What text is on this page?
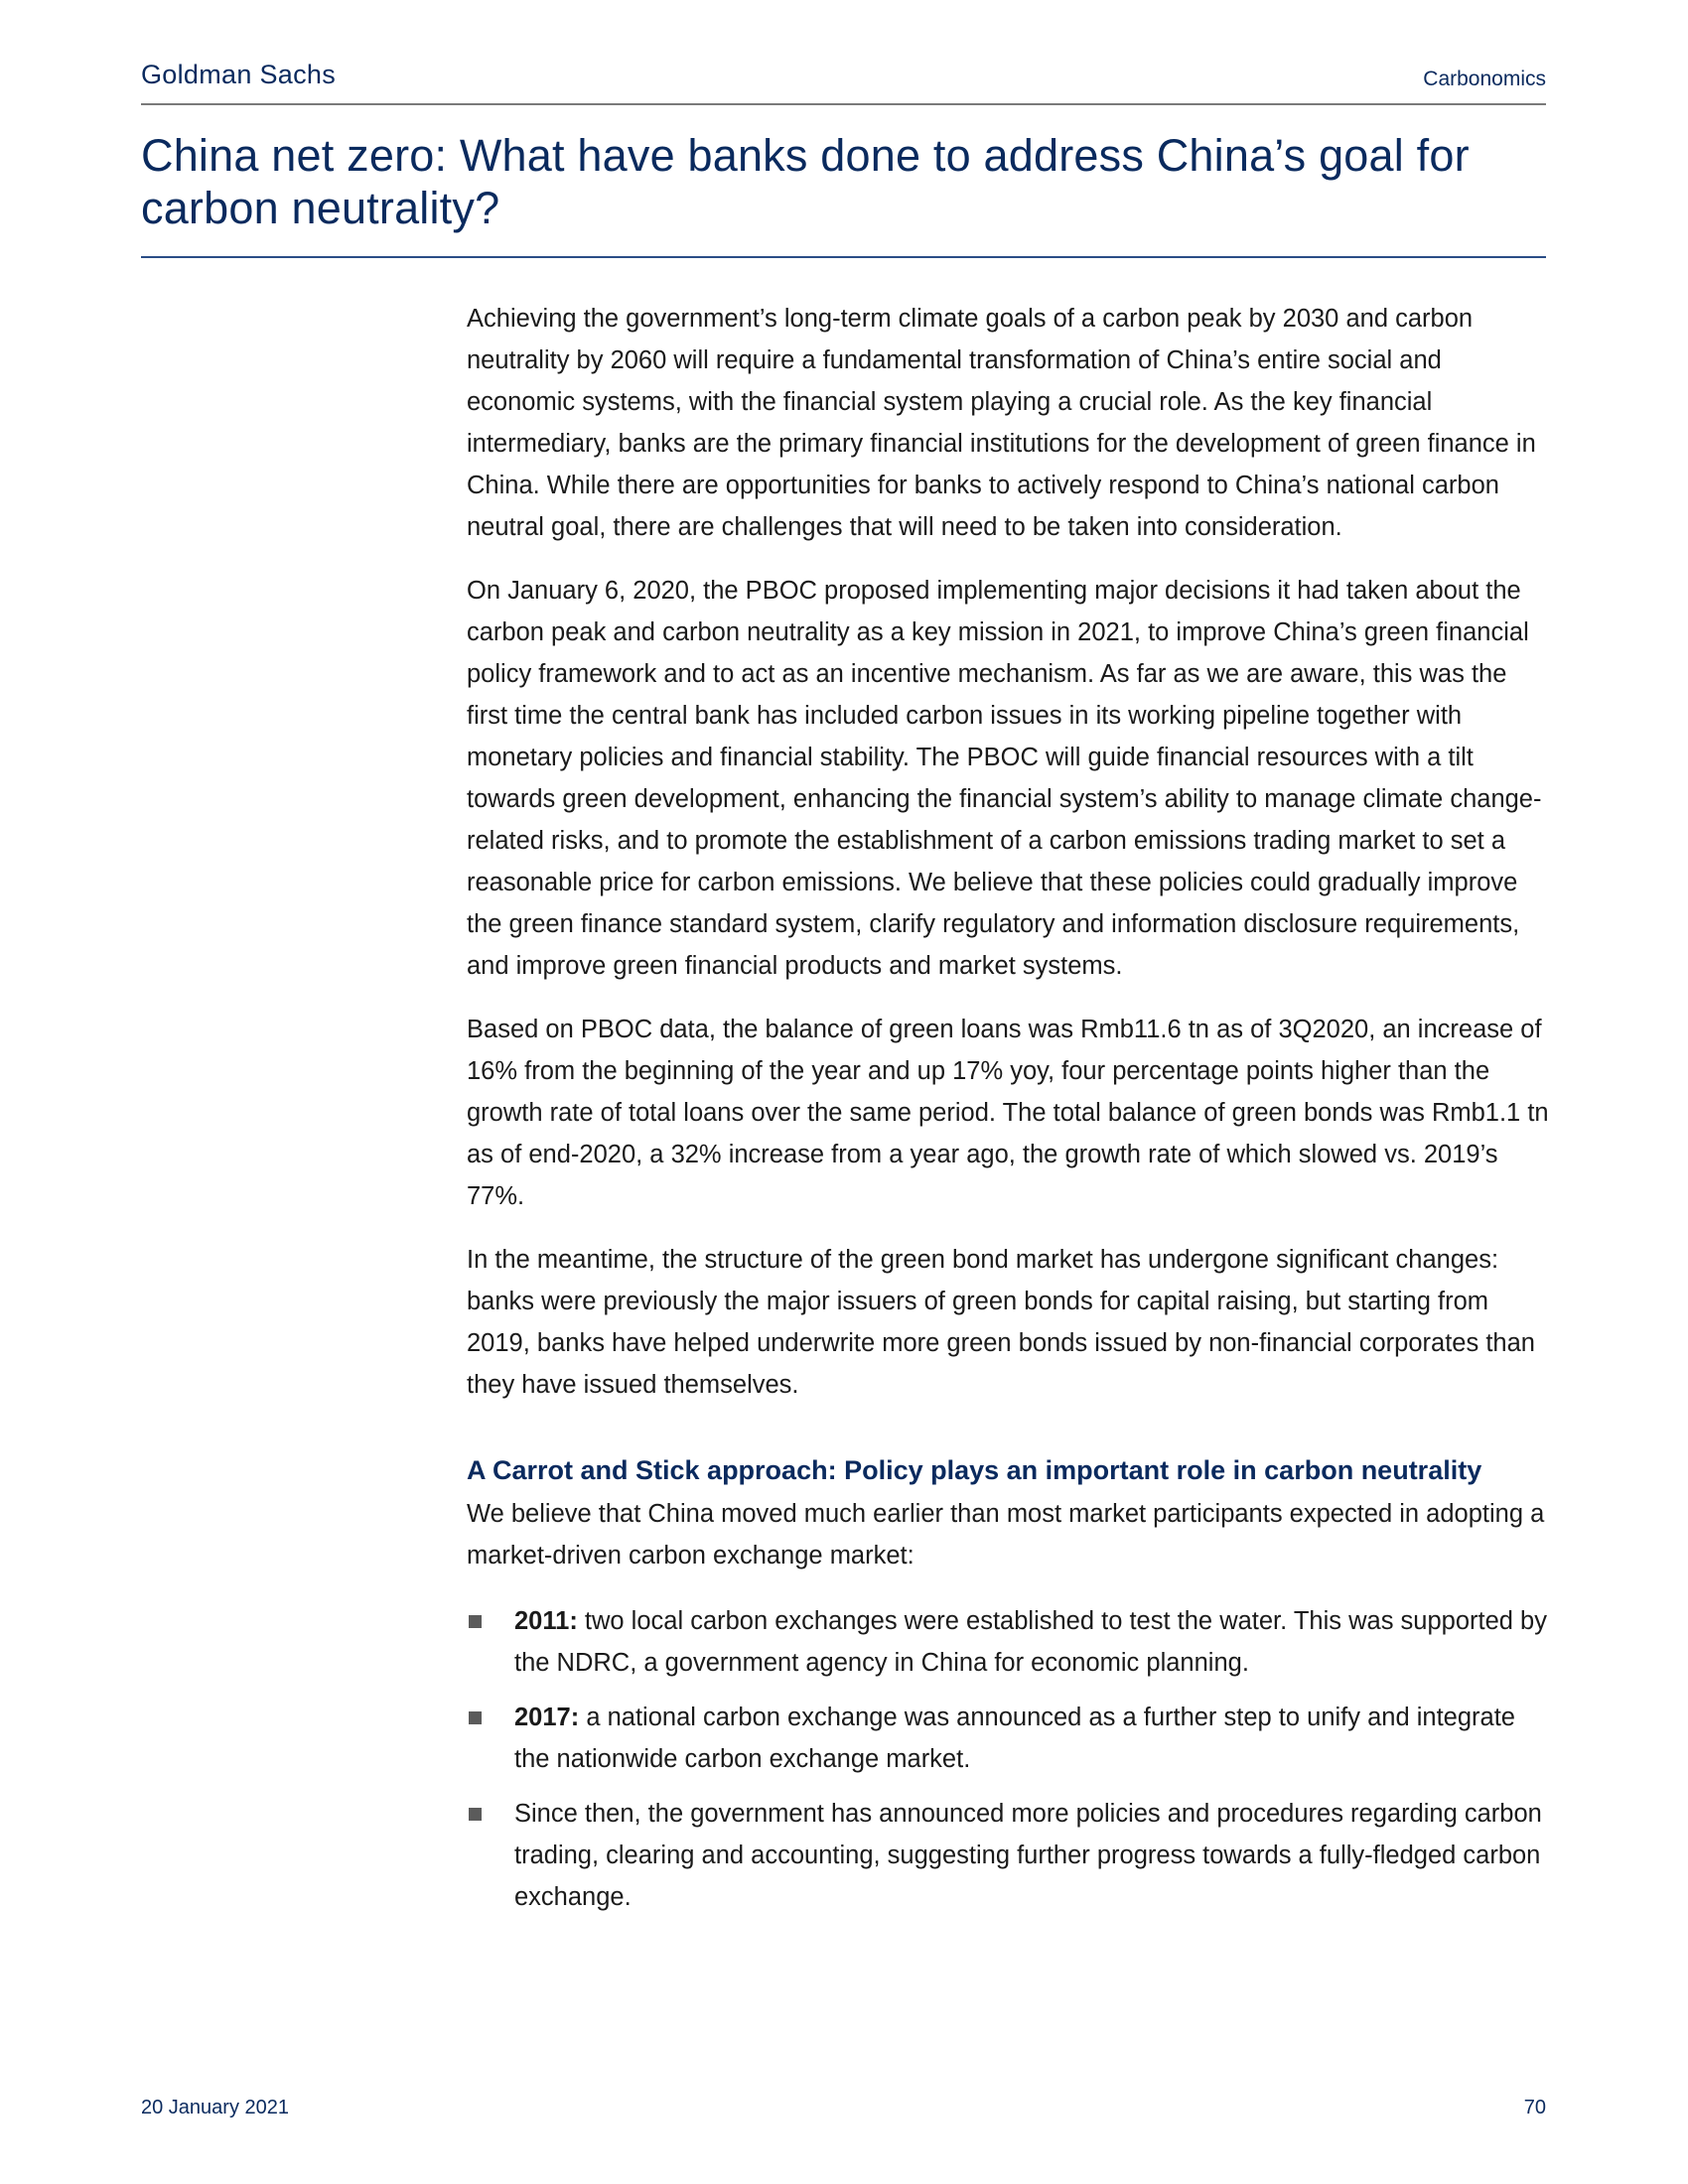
Goldman Sachs	Carbonomics
China net zero: What have banks done to address China’s goal for carbon neutrality?

Achieving the government’s long-term climate goals of a carbon peak by 2030 and carbon neutrality by 2060 will require a fundamental transformation of China’s entire social and economic systems, with the financial system playing a crucial role. As the key financial intermediary, banks are the primary financial institutions for the development of green finance in China. While there are opportunities for banks to actively respond to China’s national carbon neutral goal, there are challenges that will need to be taken into consideration.

On January 6, 2020, the PBOC proposed implementing major decisions it had taken about the carbon peak and carbon neutrality as a key mission in 2021, to improve China’s green financial policy framework and to act as an incentive mechanism. As far as we are aware, this was the first time the central bank has included carbon issues in its working pipeline together with monetary policies and financial stability. The PBOC will guide financial resources with a tilt towards green development, enhancing the financial system’s ability to manage climate change-related risks, and to promote the establishment of a carbon emissions trading market to set a reasonable price for carbon emissions. We believe that these policies could gradually improve the green finance standard system, clarify regulatory and information disclosure requirements, and improve green financial products and market systems.

Based on PBOC data, the balance of green loans was Rmb11.6 tn as of 3Q2020, an increase of 16% from the beginning of the year and up 17% yoy, four percentage points higher than the growth rate of total loans over the same period. The total balance of green bonds was Rmb1.1 tn as of end-2020, a 32% increase from a year ago, the growth rate of which slowed vs. 2019’s 77%.

In the meantime, the structure of the green bond market has undergone significant changes: banks were previously the major issuers of green bonds for capital raising, but starting from 2019, banks have helped underwrite more green bonds issued by non-financial corporates than they have issued themselves.

A Carrot and Stick approach: Policy plays an important role in carbon neutrality

We believe that China moved much earlier than most market participants expected in adopting a market-driven carbon exchange market:

2011: two local carbon exchanges were established to test the water. This was supported by the NDRC, a government agency in China for economic planning.
2017: a national carbon exchange was announced as a further step to unify and integrate the nationwide carbon exchange market.
Since then, the government has announced more policies and procedures regarding carbon trading, clearing and accounting, suggesting further progress towards a fully-fledged carbon exchange.
20 January 2021	70
